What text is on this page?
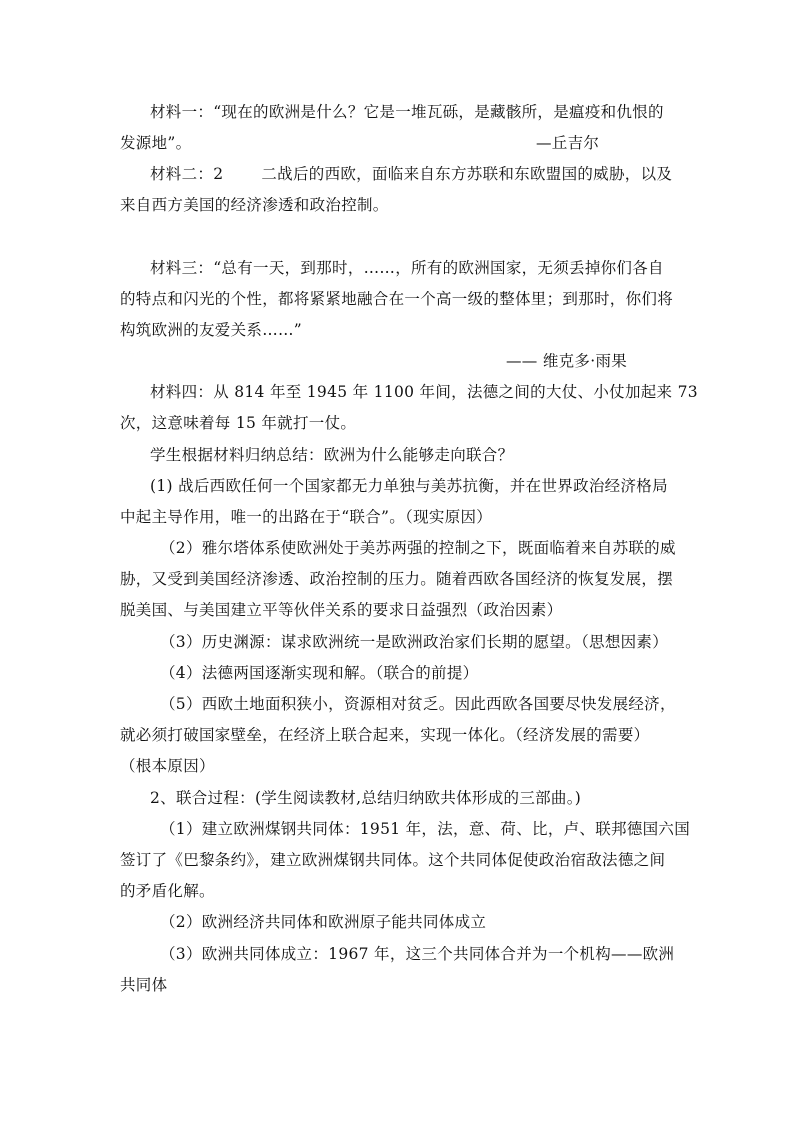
材料一：“现在的欧洲是什么？它是一堆瓦砾，是藏骸所，是瘟疫和仇恨的
发源地”。	—丘吉尔
材料二：2 二战后的西欧，面临来自东方苏联和东欧盟国的威胁，以及
来自西方美国的经济渗透和政治控制。
材料三：“总有一天，到那时，……，所有的欧洲国家，无须丢掉你们各自
的特点和闪光的个性，都将紧紧地融合在一个高一级的整体里；到那时，你们将
构筑欧洲的友爱关系……”
—— 维克多·雨果
材料四：从 814 年至 1945 年 1100 年间，法德之间的大仗、小仗加起来 73
次，这意味着每 15 年就打一仗。
学生根据材料归纳总结：欧洲为什么能够走向联合？
(1) 战后西欧任何一个国家都无力单独与美苏抗衡，并在世界政治经济格局
中起主导作用，唯一的出路在于“联合”。（现实原因）
（2）雅尔塔体系使欧洲处于美苏两强的控制之下，既面临着来自苏联的威
胁，又受到美国经济渗透、政治控制的压力。随着西欧各国经济的恢复发展，摆
脱美国、与美国建立平等伙伴关系的要求日益强烈（政治因素）
（3）历史渊源：谋求欧洲统一是欧洲政治家们长期的愿望。（思想因素）
（4）法德两国逐渐实现和解。（联合的前提）
（5）西欧土地面积狭小，资源相对贫乏。因此西欧各国要尽快发展经济，
就必须打破国家壁垒，在经济上联合起来，实现一体化。（经济发展的需要）
（根本原因）
2、联合过程：(学生阅读教材,总结归纳欧共体形成的三部曲。)
（1）建立欧洲煤钢共同体：1951 年，法，意、荷、比，卢、联邦德国六国
签订了《巴黎条约》，建立欧洲煤钢共同体。这个共同体促使政治宿敌法德之间
的矛盾化解。
（2）欧洲经济共同体和欧洲原子能共同体成立
（3）欧洲共同体成立：1967 年，这三个共同体合并为一个机构——欧洲
共同体
